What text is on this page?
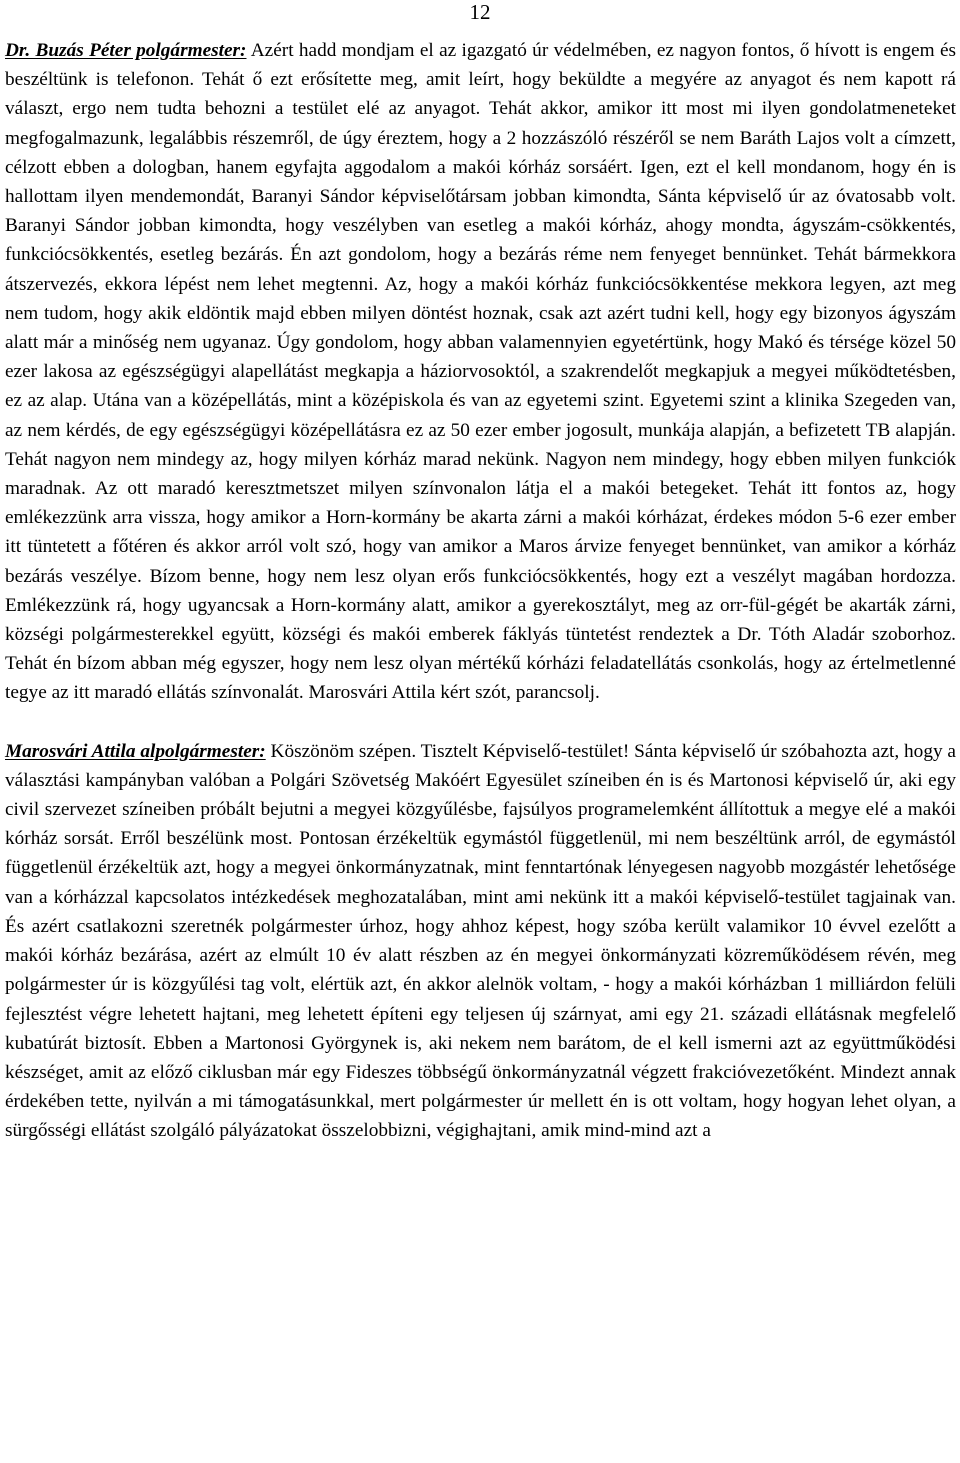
12

Dr. Buzás Péter polgármester: Azért hadd mondjam el az igazgató úr védelmében, ez nagyon fontos, ő hívott is engem és beszéltünk is telefonon. Tehát ő ezt erősítette meg, amit leírt, hogy beküldte a megyére az anyagot és nem kapott rá választ, ergo nem tudta behozni a testület elé az anyagot. Tehát akkor, amikor itt most mi ilyen gondolatmeneteket megfogalmazunk, legalábbis részemről, de úgy éreztem, hogy a 2 hozzászóló részéről se nem Baráth Lajos volt a címzett, célzott ebben a dologban, hanem egyfajta aggodalom a makói kórház sorsáért. Igen, ezt el kell mondanom, hogy én is hallottam ilyen mendemondát, Baranyi Sándor képviselőtársam jobban kimondta, Sánta képviselő úr az óvatosabb volt. Baranyi Sándor jobban kimondta, hogy veszélyben van esetleg a makói kórház, ahogy mondta, ágyszám-csökkentés, funkciócsökkentés, esetleg bezárás. Én azt gondolom, hogy a bezárás réme nem fenyeget bennünket. Tehát bármekkora átszervezés, ekkora lépést nem lehet megtenni. Az, hogy a makói kórház funkciócsökkentése mekkora legyen, azt meg nem tudom, hogy akik eldöntik majd ebben milyen döntést hoznak, csak azt azért tudni kell, hogy egy bizonyos ágyszám alatt már a minőség nem ugyanaz. Úgy gondolom, hogy abban valamennyien egyetértünk, hogy Makó és térsége közel 50 ezer lakosa az egészségügyi alapellátást megkapja a háziorvosoktól, a szakrendelőt megkapjuk a megyei működtetésben, ez az alap. Utána van a középellátás, mint a középiskola és van az egyetemi szint. Egyetemi szint a klinika Szegeden van, az nem kérdés, de egy egészségügyi középellátásra ez az 50 ezer ember jogosult, munkája alapján, a befizetett TB alapján. Tehát nagyon nem mindegy az, hogy milyen kórház marad nekünk. Nagyon nem mindegy, hogy ebben milyen funkciók maradnak. Az ott maradó keresztmetszet milyen színvonalon látja el a makói betegeket. Tehát itt fontos az, hogy emlékezzünk arra vissza, hogy amikor a Horn-kormány be akarta zárni a makói kórházat, érdekes módon 5-6 ezer ember itt tüntetett a főtéren és akkor arról volt szó, hogy van amikor a Maros árvize fenyeget bennünket, van amikor a kórház bezárás veszélye. Bízom benne, hogy nem lesz olyan erős funkciócsökkentés, hogy ezt a veszélyt magában hordozza. Emlékezzünk rá, hogy ugyancsak a Horn-kormány alatt, amikor a gyerekosztályt, meg az orr-fül-gégét be akarták zárni, községi polgármesterekkel együtt, községi és makói emberek fáklyás tüntetést rendeztek a Dr. Tóth Aladár szoborhoz. Tehát én bízom abban még egyszer, hogy nem lesz olyan mértékű kórházi feladatellátás csonkolás, hogy az értelmetlenné tegye az itt maradó ellátás színvonalát. Marosvári Attila kért szót, parancsolj.

Marosvári Attila alpolgármester: Köszönöm szépen. Tisztelt Képviselő-testület! Sánta képviselő úr szóbahozta azt, hogy a választási kampányban valóban a Polgári Szövetség Makóért Egyesület színeiben én is és Martonosi képviselő úr, aki egy civil szervezet színeiben próbált bejutni a megyei közgyűlésbe, fajsúlyos programelemként állítottuk a megye elé a makói kórház sorsát. Erről beszélünk most. Pontosan érzékeltük egymástól függetlenül, mi nem beszéltünk arról, de egymástól függetlenül érzékeltük azt, hogy a megyei önkormányzatnak, mint fenntartónak lényegesen nagyobb mozgástér lehetősége van a kórházzal kapcsolatos intézkedések meghozatalában, mint ami nekünk itt a makói képviselő-testület tagjainak van. És azért csatlakozni szeretnék polgármester úrhoz, hogy ahhoz képest, hogy szóba került valamikor 10 évvel ezelőtt a makói kórház bezárása, azért az elmúlt 10 év alatt részben az én megyei önkormányzati közreműködésem révén, meg polgármester úr is közgyűlési tag volt, elértük azt, én akkor alelnök voltam, - hogy a makói kórházban 1 milliárdon felüli fejlesztést végre lehetett hajtani, meg lehetett építeni egy teljesen új szárnyat, ami egy 21. századi ellátásnak megfelelő kubatúrát biztosít. Ebben a Martonosi Györgynek is, aki nekem nem barátom, de el kell ismerni azt az együttműködési készséget, amit az előző ciklusban már egy Fideszes többségű önkormányzatnál végzett frakcióvezetőként. Mindezt annak érdekében tette, nyilván a mi támogatásunkkal, mert polgármester úr mellett én is ott voltam, hogy hogyan lehet olyan, a sürgősségi ellátást szolgáló pályázatokat összelobbizni, végighajtani, amik mind-mind azt a
